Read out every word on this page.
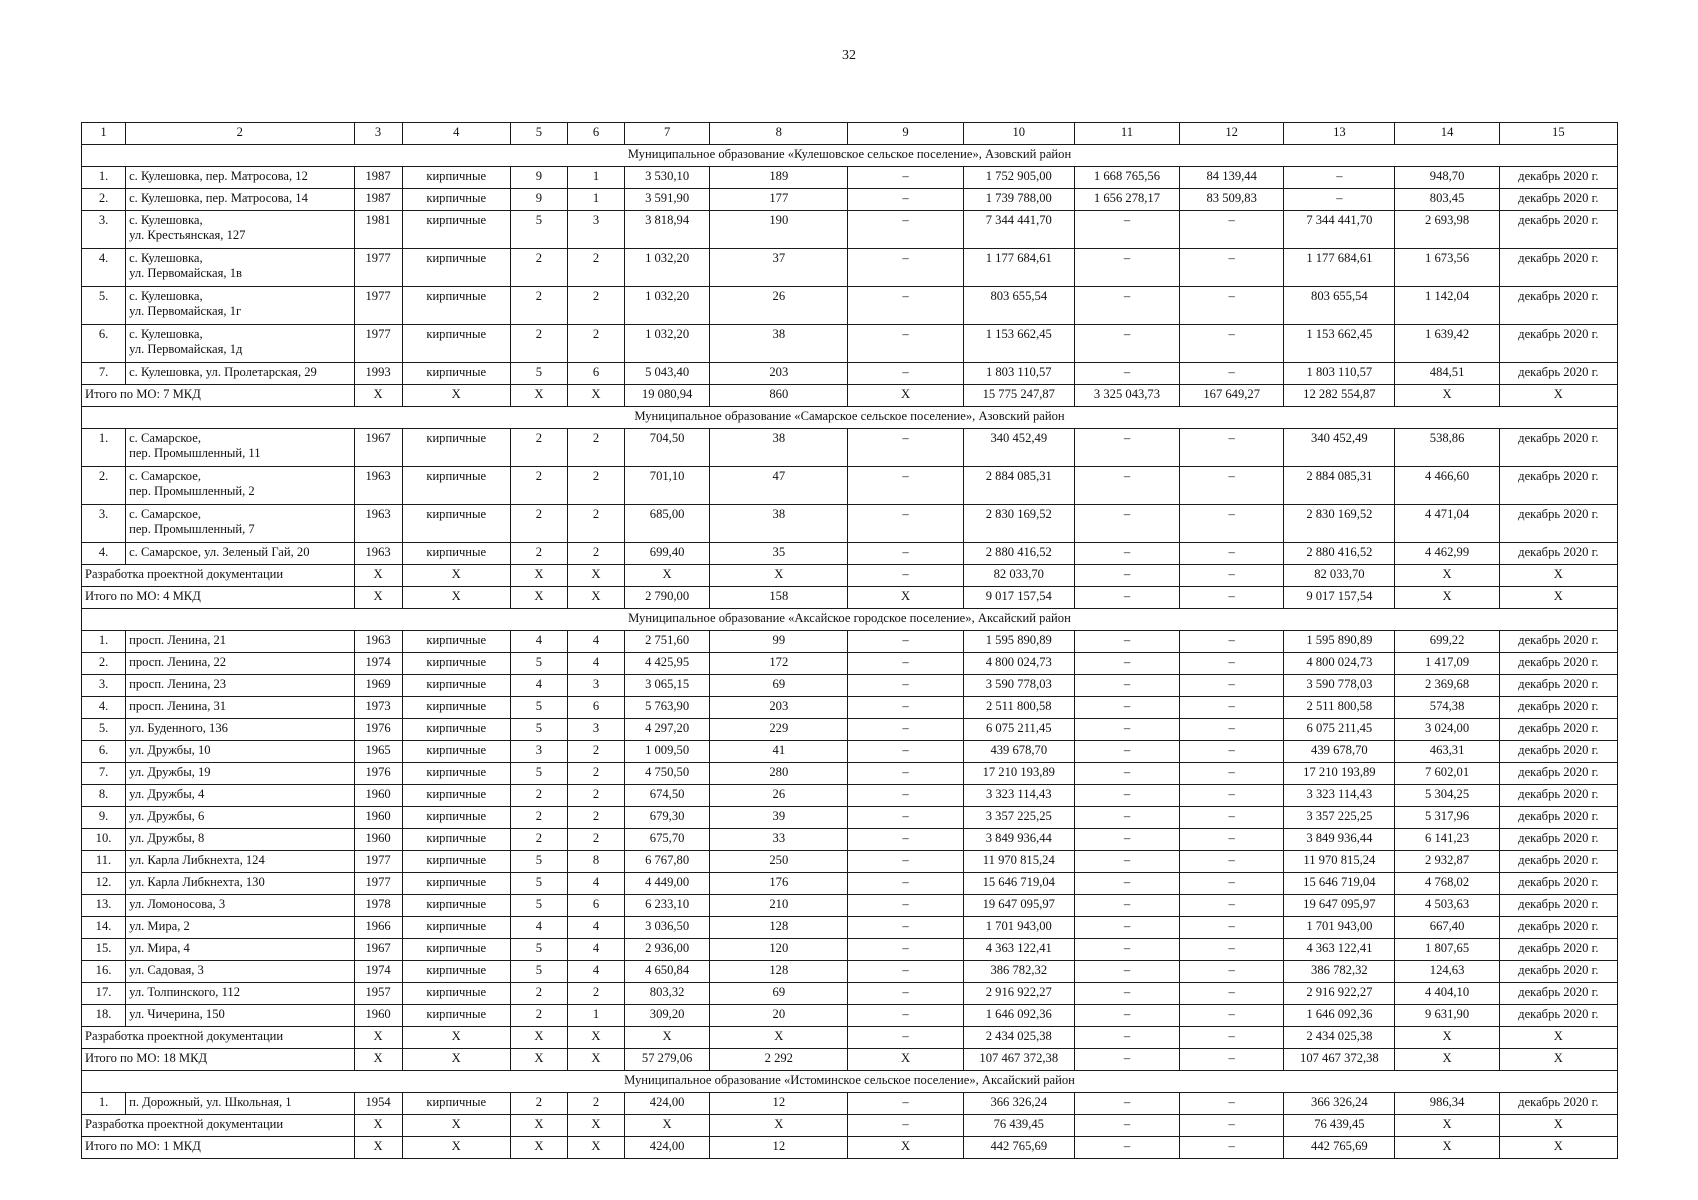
32
1	2	3	4	5	6	7	8	9	10	11	12	13	14	15
Муниципальное образование «Кулешовское сельское поселение», Азовский район														
1.	с. Кулешовка, пер. Матросова, 12	1987	кирпичные	9	1	3 530,10	189	–	1 752 905,00	1 668 765,56	84 139,44	–	948,70	декабрь 2020 г.
2.	с. Кулешовка, пер. Матросова, 14	1987	кирпичные	9	1	3 591,90	177	–	1 739 788,00	1 656 278,17	83 509,83	–	803,45	декабрь 2020 г.
3.	с. Кулешовка,
ул. Крестьянская, 127	1981	кирпичные	5	3	3 818,94	190	–	7 344 441,70	–	–	7 344 441,70	2 693,98	декабрь 2020 г.
4.	с. Кулешовка,
ул. Первомайская, 1в	1977	кирпичные	2	2	1 032,20	37	–	1 177 684,61	–	–	1 177 684,61	1 673,56	декабрь 2020 г.
5.	с. Кулешовка,
ул. Первомайская, 1г	1977	кирпичные	2	2	1 032,20	26	–	803 655,54	–	–	803 655,54	1 142,04	декабрь 2020 г.
6.	с. Кулешовка,
ул. Первомайская, 1д	1977	кирпичные	2	2	1 032,20	38	–	1 153 662,45	–	–	1 153 662,45	1 639,42	декабрь 2020 г.
7.	с. Кулешовка, ул. Пролетарская, 29	1993	кирпичные	5	6	5 043,40	203	–	1 803 110,57	–	–	1 803 110,57	484,51	декабрь 2020 г.
Итого по МО: 7 МКД		Х	Х	Х	Х	19 080,94	860	Х	15 775 247,87	3 325 043,73	167 649,27	12 282 554,87	Х	Х
Муниципальное образование «Самарское сельское поселение», Азовский район														
1.	с. Самарское,
пер. Промышленный, 11	1967	кирпичные	2	2	704,50	38	–	340 452,49	–	–	340 452,49	538,86	декабрь 2020 г.
2.	с. Самарское,
пер. Промышленный, 2	1963	кирпичные	2	2	701,10	47	–	2 884 085,31	–	–	2 884 085,31	4 466,60	декабрь 2020 г.
3.	с. Самарское,
пер. Промышленный, 7	1963	кирпичные	2	2	685,00	38	–	2 830 169,52	–	–	2 830 169,52	4 471,04	декабрь 2020 г.
4.	с. Самарское, ул. Зеленый Гай, 20	1963	кирпичные	2	2	699,40	35	–	2 880 416,52	–	–	2 880 416,52	4 462,99	декабрь 2020 г.
Разработка проектной документации		Х	Х	Х	Х	Х	Х	–	82 033,70	–	–	82 033,70	Х	Х
Итого по МО: 4 МКД		Х	Х	Х	Х	2 790,00	158	Х	9 017 157,54	–	–	9 017 157,54	Х	Х
Муниципальное образование «Аксайское городское поселение», Аксайский район														
1.	просп. Ленина, 21	1963	кирпичные	4	4	2 751,60	99	–	1 595 890,89	–	–	1 595 890,89	699,22	декабрь 2020 г.
2.	просп. Ленина, 22	1974	кирпичные	5	4	4 425,95	172	–	4 800 024,73	–	–	4 800 024,73	1 417,09	декабрь 2020 г.
3.	просп. Ленина, 23	1969	кирпичные	4	3	3 065,15	69	–	3 590 778,03	–	–	3 590 778,03	2 369,68	декабрь 2020 г.
4.	просп. Ленина, 31	1973	кирпичные	5	6	5 763,90	203	–	2 511 800,58	–	–	2 511 800,58	574,38	декабрь 2020 г.
5.	ул. Буденного, 136	1976	кирпичные	5	3	4 297,20	229	–	6 075 211,45	–	–	6 075 211,45	3 024,00	декабрь 2020 г.
6.	ул. Дружбы, 10	1965	кирпичные	3	2	1 009,50	41	–	439 678,70	–	–	439 678,70	463,31	декабрь 2020 г.
7.	ул. Дружбы, 19	1976	кирпичные	5	2	4 750,50	280	–	17 210 193,89	–	–	17 210 193,89	7 602,01	декабрь 2020 г.
8.	ул. Дружбы, 4	1960	кирпичные	2	2	674,50	26	–	3 323 114,43	–	–	3 323 114,43	5 304,25	декабрь 2020 г.
9.	ул. Дружбы, 6	1960	кирпичные	2	2	679,30	39	–	3 357 225,25	–	–	3 357 225,25	5 317,96	декабрь 2020 г.
10.	ул. Дружбы, 8	1960	кирпичные	2	2	675,70	33	–	3 849 936,44	–	–	3 849 936,44	6 141,23	декабрь 2020 г.
11.	ул. Карла Либкнехта, 124	1977	кирпичные	5	8	6 767,80	250	–	11 970 815,24	–	–	11 970 815,24	2 932,87	декабрь 2020 г.
12.	ул. Карла Либкнехта, 130	1977	кирпичные	5	4	4 449,00	176	–	15 646 719,04	–	–	15 646 719,04	4 768,02	декабрь 2020 г.
13.	ул. Ломоносова, 3	1978	кирпичные	5	6	6 233,10	210	–	19 647 095,97	–	–	19 647 095,97	4 503,63	декабрь 2020 г.
14.	ул. Мира, 2	1966	кирпичные	4	4	3 036,50	128	–	1 701 943,00	–	–	1 701 943,00	667,40	декабрь 2020 г.
15.	ул. Мира, 4	1967	кирпичные	5	4	2 936,00	120	–	4 363 122,41	–	–	4 363 122,41	1 807,65	декабрь 2020 г.
16.	ул. Садовая, 3	1974	кирпичные	5	4	4 650,84	128	–	386 782,32	–	–	386 782,32	124,63	декабрь 2020 г.
17.	ул. Толпинского, 112	1957	кирпичные	2	2	803,32	69	–	2 916 922,27	–	–	2 916 922,27	4 404,10	декабрь 2020 г.
18.	ул. Чичерина, 150	1960	кирпичные	2	1	309,20	20	–	1 646 092,36	–	–	1 646 092,36	9 631,90	декабрь 2020 г.
Разработка проектной документации		Х	Х	Х	Х	Х	Х	–	2 434 025,38	–	–	2 434 025,38	Х	Х
Итого по МО: 18 МКД		Х	Х	Х	Х	57 279,06	2 292	Х	107 467 372,38	–	–	107 467 372,38	Х	Х
Муниципальное образование «Истоминское сельское поселение», Аксайский район														
1.	п. Дорожный, ул. Школьная, 1	1954	кирпичные	2	2	424,00	12	–	366 326,24	–	–	366 326,24	986,34	декабрь 2020 г.
Разработка проектной документации		Х	Х	Х	Х	Х	Х	–	76 439,45	–	–	76 439,45	Х	Х
Итого по МО: 1 МКД		Х	Х	Х	Х	424,00	12	Х	442 765,69	–	–	442 765,69	Х	Х
